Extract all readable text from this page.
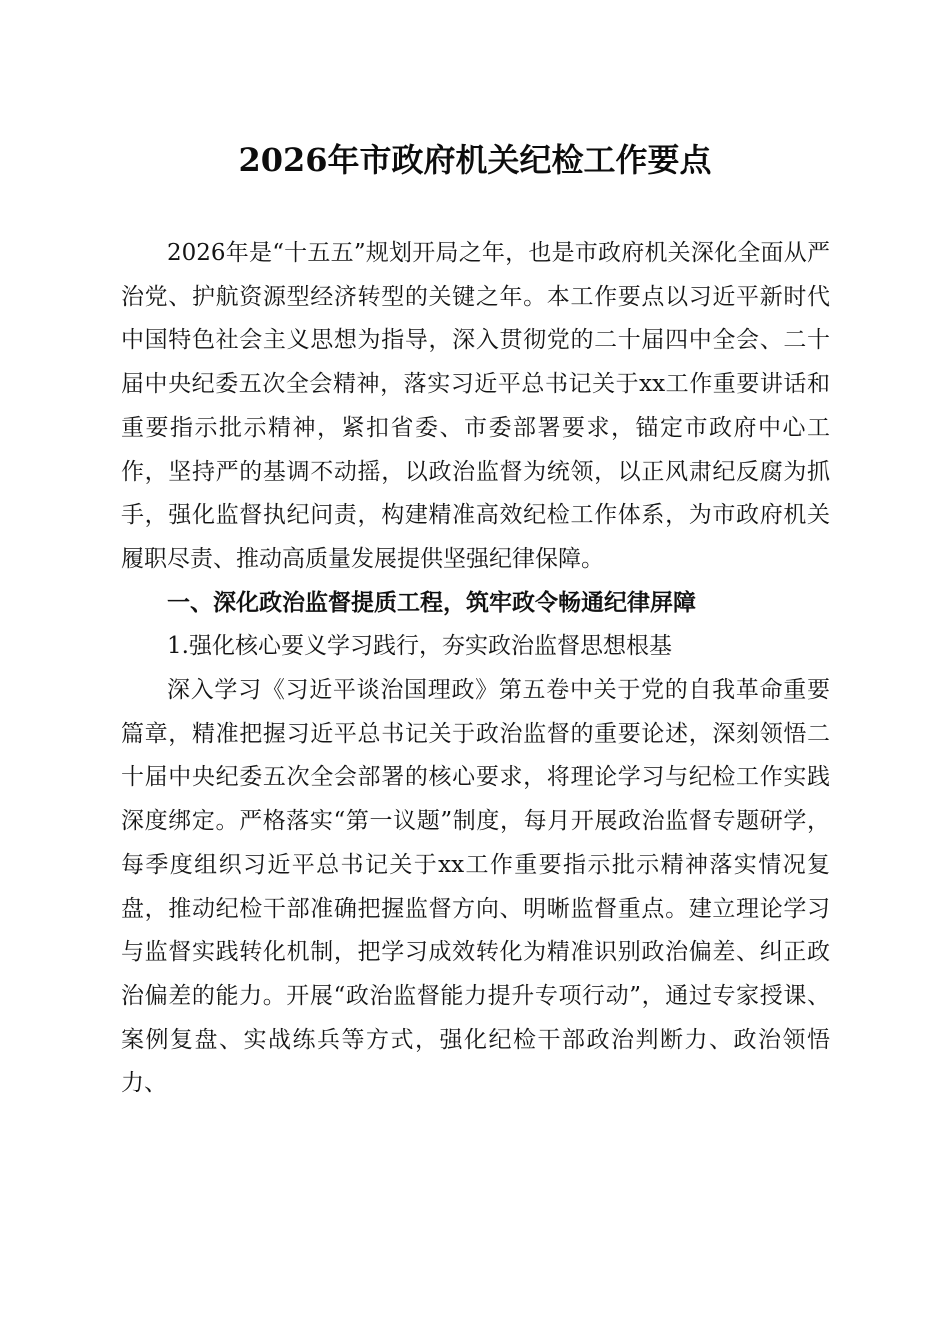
2026年市政府机关纪检工作要点

2026年是“十五五”规划开局之年，也是市政府机关深化全面从严治党、护航资源型经济转型的关键之年。本工作要点以习近平新时代中国特色社会主义思想为指导，深入贯彻党的二十届四中全会、二十届中央纪委五次全会精神，落实习近平总书记关于xx工作重要讲话和重要指示批示精神，紧扣省委、市委部署要求，锚定市政府中心工作，坚持严的基调不动摇，以政治监督为统领，以正风肃纪反腐为抓手，强化监督执纪问责，构建精准高效纪检工作体系，为市政府机关履职尽责、推动高质量发展提供坚强纪律保障。

一、深化政治监督提质工程，筑牢政令畅通纪律屏障

1.强化核心要义学习践行，夯实政治监督思想根基

深入学习《习近平谈治国理政》第五卷中关于党的自我革命重要篇章，精准把握习近平总书记关于政治监督的重要论述，深刻领悟二十届中央纪委五次全会部署的核心要求，将理论学习与纪检工作实践深度绑定。严格落实“第一议题”制度，每月开展政治监督专题研学，每季度组织习近平总书记关于xx工作重要指示批示精神落实情况复盘，推动纪检干部准确把握监督方向、明晰监督重点。建立理论学习与监督实践转化机制，把学习成效转化为精准识别政治偏差、纠正政治偏差的能力。开展“政治监督能力提升专项行动”，通过专家授课、案例复盘、实战练兵等方式，强化纪检干部政治判断力、政治领悟力、
